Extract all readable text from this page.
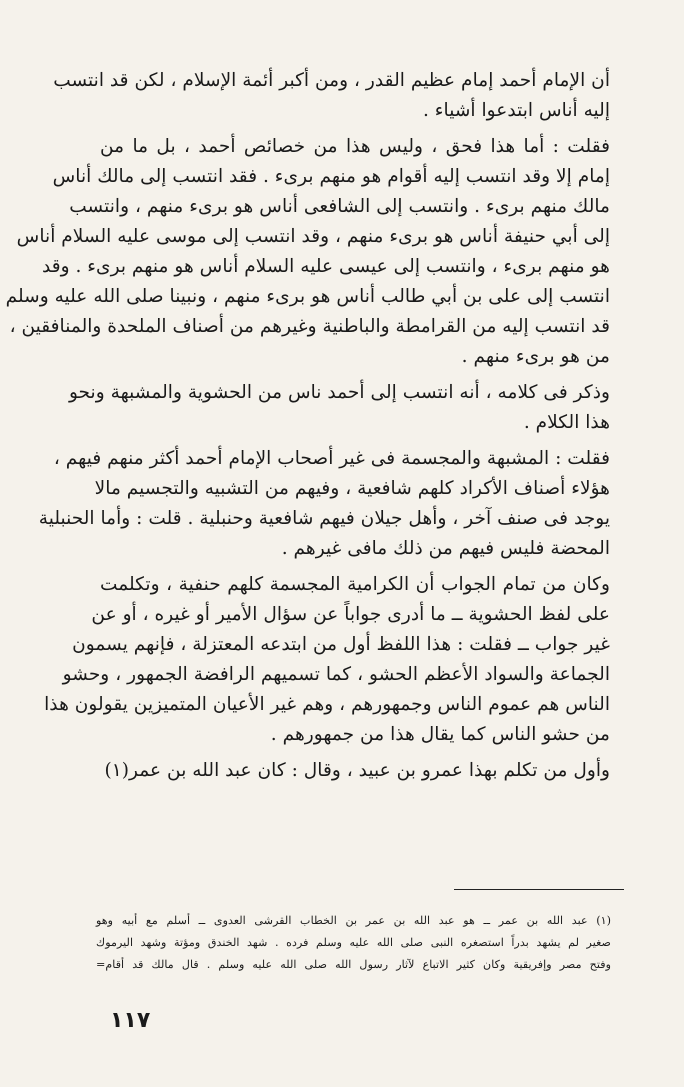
أن الإمام أحمد إمام عظيم القدر ، ومن أكبر أئمة الإسلام ، لكن قد انتسب
إليه أناس ابتدعوا أشياء .
فقلت : أما هذا فحق ، وليس هذا من خصائص أحمد ، بل ما من
إمام إلا وقد انتسب إليه أقوام هو منهم برىء . فقد انتسب إلى مالك أناس
مالك منهم برىء . وانتسب إلى الشافعى أناس هو برىء منهم ، وانتسب
إلى أبي حنيفة أناس هو برىء منهم ، وقد انتسب إلى موسى عليه السلام أناس
هو منهم برىء ، وانتسب إلى عيسى عليه السلام أناس هو منهم برىء . وقد
انتسب إلى على بن أبي طالب أناس هو برىء منهم ، ونبينا صلى الله عليه وسلم
قد انتسب إليه من القرامطة والباطنية وغيرهم من أصناف الملحدة والمنافقين ،
من هو برىء منهم .
وذكر فى كلامه ، أنه انتسب إلى أحمد ناس من الحشوية والمشبهة ونحو
هذا الكلام .
فقلت : المشبهة والمجسمة فى غير أصحاب الإمام أحمد أكثر منهم فيهم ،
هؤلاء أصناف الأكراد كلهم شافعية ، وفيهم من التشبيه والتجسيم مالا
يوجد فى صنف آخر ، وأهل جيلان فيهم شافعية وحنبلية . قلت : وأما الحنبلية
المحضة فليس فيهم من ذلك مافى غيرهم .
وكان من تمام الجواب أن الكرامية المجسمة كلهم حنفية ، وتكلمت
على لفظ الحشوية ــ ما أدرى جواباً عن سؤال الأمير أو غيره ، أو عن
غير جواب ــ فقلت : هذا اللفظ أول من ابتدعه المعتزلة ، فإنهم يسمون
الجماعة والسواد الأعظم الحشو ، كما تسميهم الرافضة الجمهور ، وحشو
الناس هم عموم الناس وجمهورهم ، وهم غير الأعيان المتميزين يقولون هذا
من حشو الناس كما يقال هذا من جمهورهم .
وأول من تكلم بهذا عمرو بن عبيد ، وقال : كان عبد الله بن عمر(١)
(١) عبد الله بن عمر ــ هو عبد الله بن عمر بن الخطاب القرشى العدوى ــ أسلم مع أبيه وهو
صغير لم يشهد بدراً استصغره النبى صلى الله عليه وسلم فرده . شهد الخندق ومؤتة وشهد اليرموك
وفتح مصر وإفريقية وكان كثير الاتباع لآثار رسول الله صلى الله عليه وسلم . قال مالك قد أقام=
١١٧
